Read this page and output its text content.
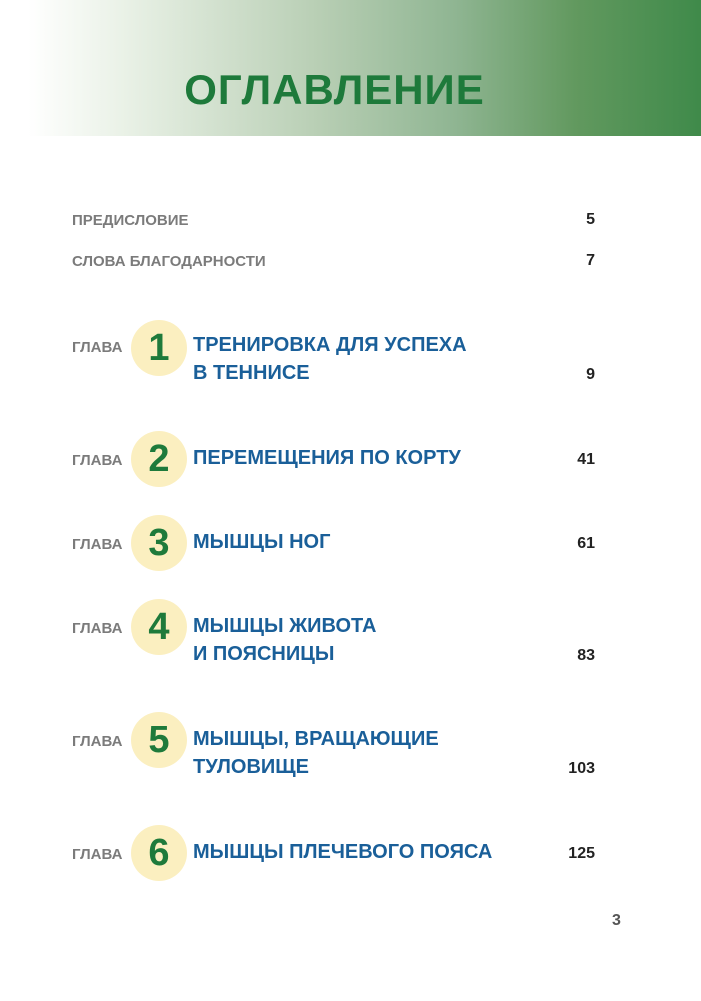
ОГЛАВЛЕНИЕ
ПРЕДИСЛОВИЕ	5
СЛОВА БЛАГОДАРНОСТИ	7
ГЛАВА 1	ТРЕНИРОВКА ДЛЯ УСПЕХА
В ТЕННИСЕ	9
ГЛАВА 2	ПЕРЕМЕЩЕНИЯ ПО КОРТУ	41
ГЛАВА 3	МЫШЦЫ НОГ	61
ГЛАВА 4	МЫШЦЫ ЖИВОТА
И ПОЯСНИЦЫ	83
ГЛАВА 5	МЫШЦЫ, ВРАЩАЮЩИЕ
ТУЛОВИЩЕ	103
ГЛАВА 6	МЫШЦЫ ПЛЕЧЕВОГО ПОЯСА	125
3
